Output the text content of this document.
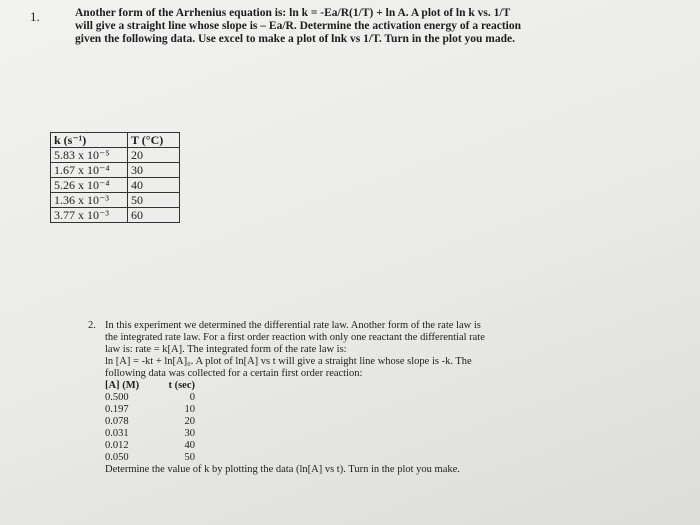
1.	Another form of the Arrhenius equation is: ln k = -Ea/R(1/T) + ln A. A plot of ln k vs. 1/T
will give a straight line whose slope is – Ea/R. Determine the activation energy of a reaction
given the following data. Use excel to make a plot of lnk vs 1/T. Turn in the plot you made.
k (s⁻¹)	T (°C)
5.83 x 10⁻⁵	20
1.67 x 10⁻⁴	30
5.26 x 10⁻⁴	40
1.36 x 10⁻³	50
3.77 x 10⁻³	60
2. In this experiment we determined the differential rate law. Another form of the rate law is
the integrated rate law. For a first order reaction with only one reactant the differential rate
law is: rate = k[A]. The integrated form of the rate law is:
ln [A] = -kt + ln[A]₀. A plot of ln[A] vs t will give a straight line whose slope is -k. The
following data was collected for a certain first order reaction:
[A] (M)	t (sec)
0.500	0
0.197	10
0.078	20
0.031	30
0.012	40
0.050	50
Determine the value of k by plotting the data (ln[A] vs t). Turn in the plot you make.
